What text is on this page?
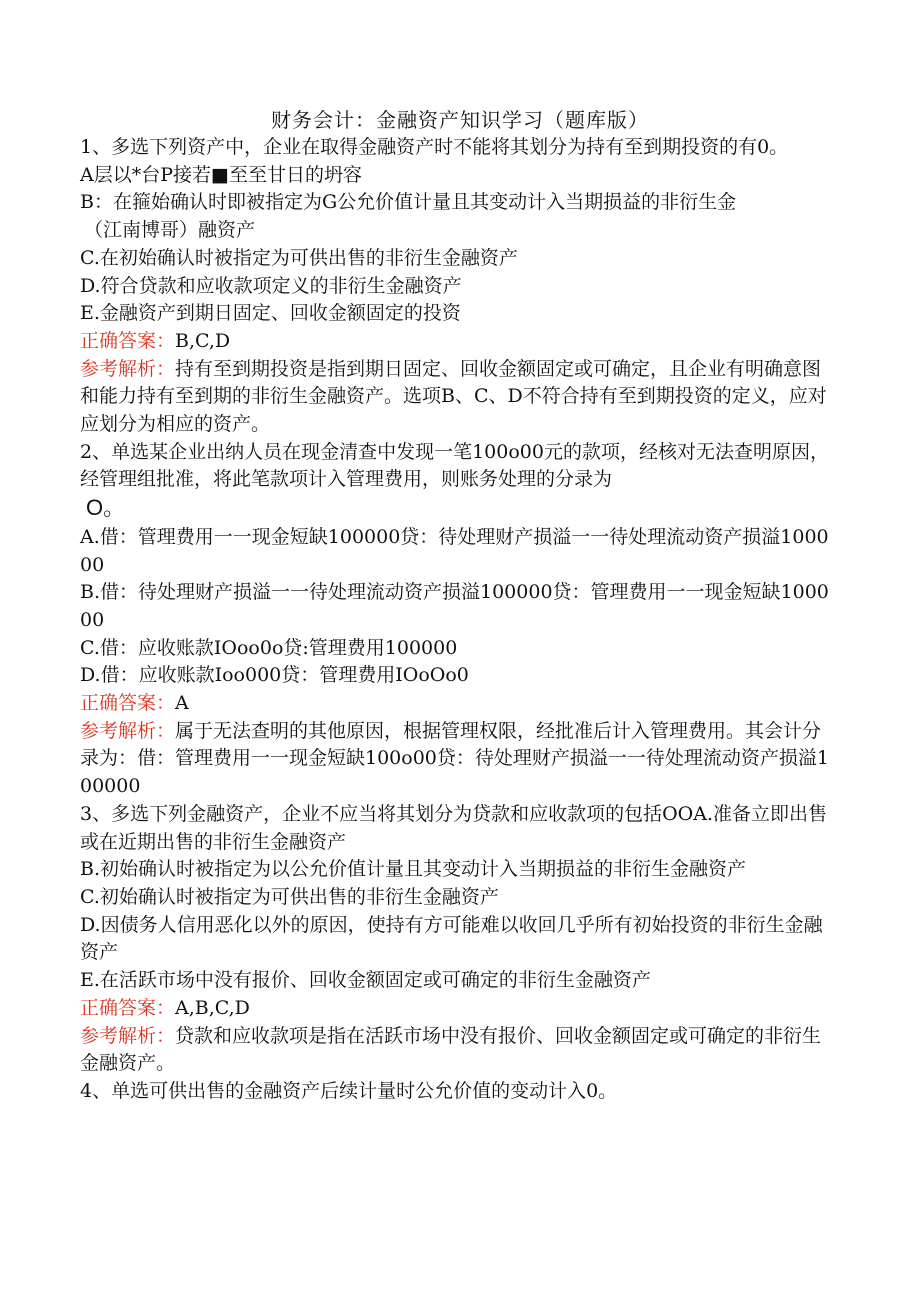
财务会计：金融资产知识学习（题库版）

1、多选下列资产中，企业在取得金融资产时不能将其划分为持有至到期投资的有0。

A层以*台P接若■至至甘日的坍容

B：在箍始确认时即被指定为G公允价值计量且其变动计入当期损益的非衍生金

（江南博哥）融资产

C.在初始确认时被指定为可供出售的非衍生金融资产

D.符合贷款和应收款项定义的非衍生金融资产

E.金融资产到期日固定、回收金额固定的投资

正确答案：B,C,D

参考解析：持有至到期投资是指到期日固定、回收金额固定或可确定，且企业有明确意图和能力持有至到期的非衍生金融资产。选项B、C、D不符合持有至到期投资的定义，应对应划分为相应的资产。

2、单选某企业出纳人员在现金清查中发现一笔100o00元的款项，经核对无法查明原因，经管理组批准，将此笔款项计入管理费用，则账务处理的分录为

O。

A.借：管理费用一一现金短缺100000贷：待处理财产损溢一一待处理流动资产损溢100000

B.借：待处理财产损溢一一待处理流动资产损溢100000贷：管理费用一一现金短缺100000

C.借：应收账款IOoo0o贷:管理费用100000

D.借：应收账款Ioo000贷：管理费用IOoOo0

正确答案：A

参考解析：属于无法查明的其他原因，根据管理权限，经批准后计入管理费用。其会计分录为：借：管理费用一一现金短缺100o00贷：待处理财产损溢一一待处理流动资产损溢100000

3、多选下列金融资产，企业不应当将其划分为贷款和应收款项的包括OOA.准备立即出售或在近期出售的非衍生金融资产

B.初始确认时被指定为以公允价值计量且其变动计入当期损益的非衍生金融资产

C.初始确认时被指定为可供出售的非衍生金融资产

D.因债务人信用恶化以外的原因，使持有方可能难以收回几乎所有初始投资的非衍生金融资产

E.在活跃市场中没有报价、回收金额固定或可确定的非衍生金融资产

正确答案：A,B,C,D

参考解析：贷款和应收款项是指在活跃市场中没有报价、回收金额固定或可确定的非衍生金融资产。

4、单选可供出售的金融资产后续计量时公允价值的变动计入0。
